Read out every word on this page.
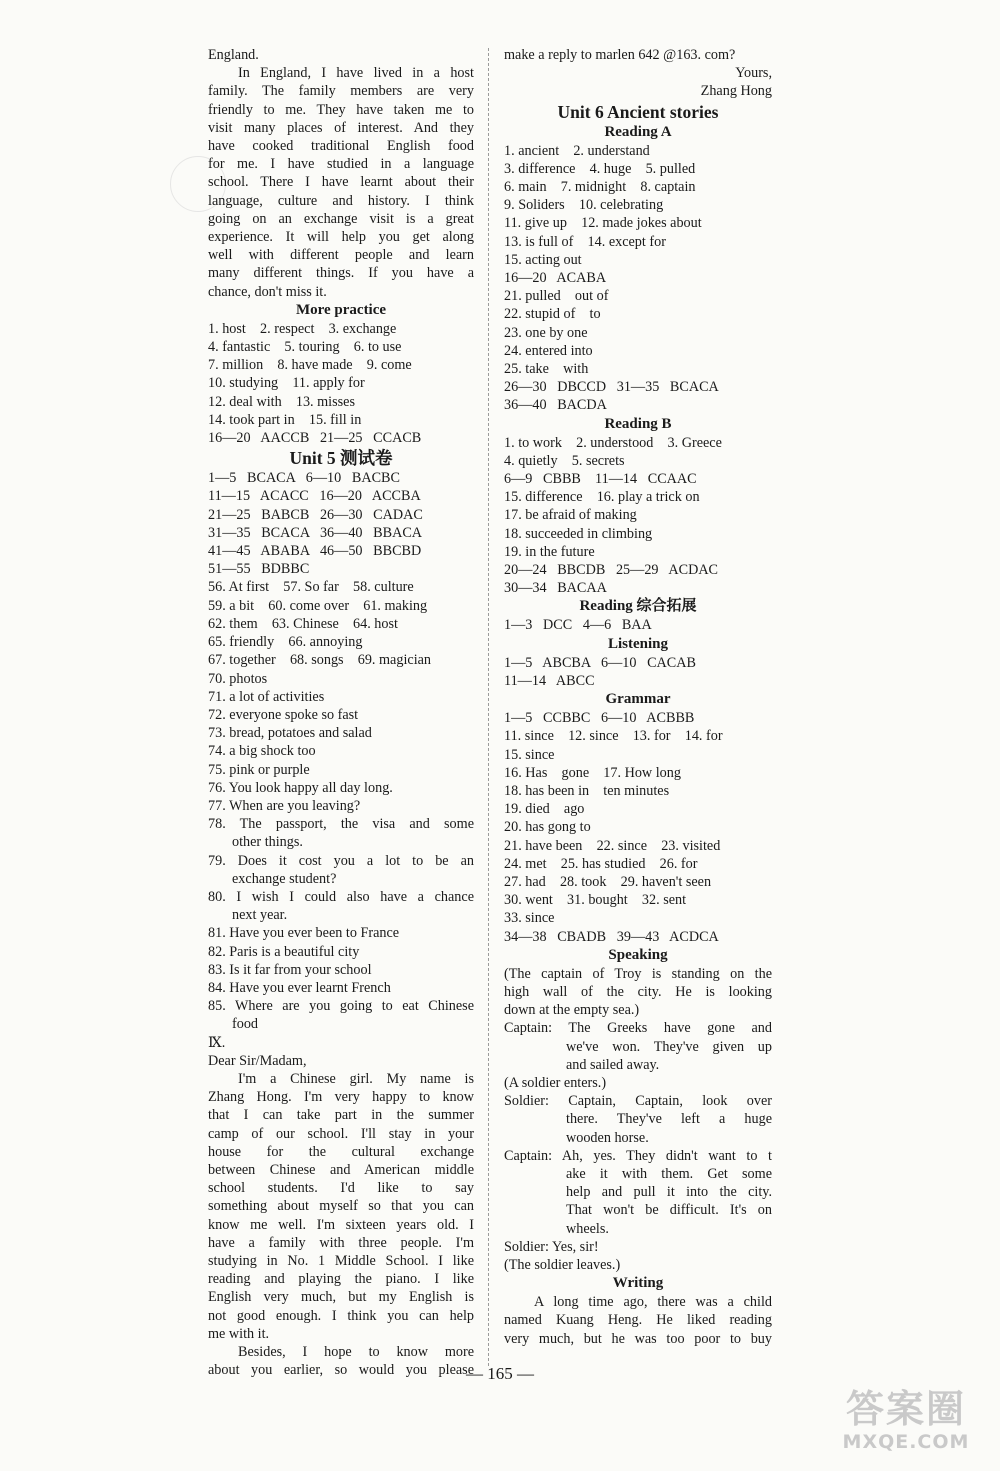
England.
In England, I have lived in a host
family. The family members are very
friendly to me. They have taken me to
visit many places of interest. And they
have cooked traditional English food
for me. I have studied in a language
school. There I have learnt about their
language, culture and history. I think
going on an exchange visit is a great
experience. It will help you get along
well with different people and learn
many different things. If you have a
chance, don't miss it.
More practice
1. host    2. respect    3. exchange
4. fantastic    5. touring    6. to use
7. million    8. have made    9. come
10. studying    11. apply for
12. deal with    13. misses
14. took part in    15. fill in
16—20   AACCB   21—25   CCACB
Unit 5 测试卷
1—5   BCACA   6—10   BACBC
11—15   ACACC   16—20   ACCBA
21—25   BABCB   26—30   CADAC
31—35   BCACA   36—40   BBACA
41—45   ABABA   46—50   BBCBD
51—55   BDBBC
56. At first    57. So far    58. culture
59. a bit    60. come over    61. making
62. them    63. Chinese    64. host
65. friendly    66. annoying
67. together    68. songs    69. magician
70. photos
71. a lot of activities
72. everyone spoke so fast
73. bread, potatoes and salad
74. a big shock too
75. pink or purple
76. You look happy all day long.
77. When are you leaving?
78. The passport, the visa and some
other things.
79. Does it cost you a lot to be an
exchange student?
80. I wish I could also have a chance
next year.
81. Have you ever been to France
82. Paris is a beautiful city
83. Is it far from your school
84. Have you ever learnt French
85. Where are you going to eat Chinese
food
Ⅸ.
Dear Sir/Madam,
I'm a Chinese girl. My name is
Zhang Hong. I'm very happy to know
that I can take part in the summer
camp of our school. I'll stay in your
house for the cultural exchange
between Chinese and American middle
school students. I'd like to say
something about myself so that you can
know me well. I'm sixteen years old. I
have a family with three people. I'm
studying in No. 1 Middle School. I like
reading and playing the piano. I like
English very much, but my English is
not good enough. I think you can help
me with it.
Besides, I hope to know more
about you earlier, so would you please
make a reply to marlen 642 @163. com?
Yours,
Zhang Hong
Unit 6 Ancient stories
Reading A
1. ancient    2. understand
3. difference    4. huge    5. pulled
6. main    7. midnight    8. captain
9. Soliders    10. celebrating
11. give up    12. made jokes about
13. is full of    14. except for
15. acting out
16—20   ACABA
21. pulled    out of
22. stupid of    to
23. one by one
24. entered into
25. take    with
26—30   DBCCD   31—35   BCACA
36—40   BACDA
Reading B
1. to work    2. understood    3. Greece
4. quietly    5. secrets
6—9   CBBB    11—14   CCAAC
15. difference    16. play a trick on
17. be afraid of making
18. succeeded in climbing
19. in the future
20—24   BBCDB   25—29   ACDAC
30—34   BACAA
Reading 综合拓展
1—3   DCC   4—6   BAA
Listening
1—5   ABCBA   6—10   CACAB
11—14   ABCC
Grammar
1—5   CCBBC   6—10   ACBBB
11. since    12. since    13. for    14. for
15. since
16. Has    gone    17. How long
18. has been in    ten minutes
19. died    ago
20. has gong to
21. have been    22. since    23. visited
24. met    25. has studied    26. for
27. had    28. took    29. haven't seen
30. went    31. bought    32. sent
33. since
34—38   CBADB   39—43   ACDCA
Speaking
(The captain of Troy is standing on the
high wall of the city. He is looking
down at the empty sea.)
Captain: The Greeks have gone and
we've won. They've given up
and sailed away.
(A soldier enters.)
Soldier: Captain, Captain, look over
there. They've left a huge
wooden horse.
Captain: Ah, yes. They didn't want to t
ake it with them. Get some
help and pull it into the city.
That won't be difficult. It's on
wheels.
Soldier: Yes, sir!
(The soldier leaves.)
Writing
A long time ago, there was a child
named Kuang Heng. He liked reading
very much, but he was too poor to buy
— 165 —
答案圈
MXQE.COM
